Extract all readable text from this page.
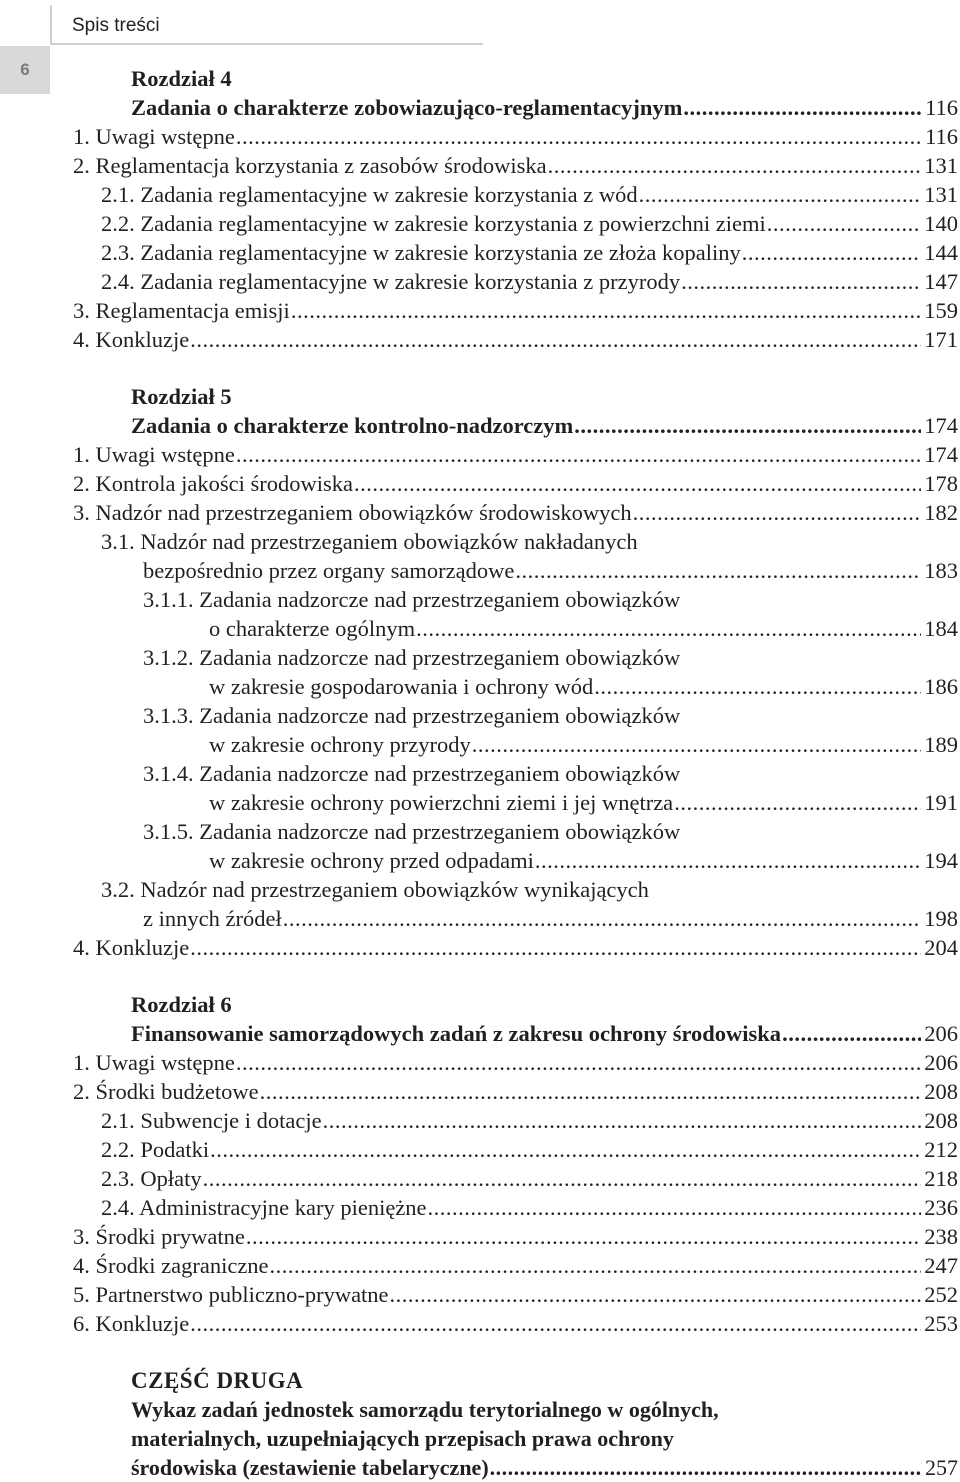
Spis treści
6	Rozdział 4
Zadania o charakterze zobowiazująco-reglamentacyjnym .....	116
1. Uwagi wstępne .....	116
2. Reglamentacja korzystania z zasobów środowiska .....	131
2.1. Zadania reglamentacyjne w zakresie korzystania z wód .....	131
2.2. Zadania reglamentacyjne w zakresie korzystania z powierzchni ziemi .....	140
2.3. Zadania reglamentacyjne w zakresie korzystania ze złoża kopaliny .....	144
2.4. Zadania reglamentacyjne w zakresie korzystania z przyrody .....	147
3. Reglamentacja emisji .....	159
4. Konkluzje .....	171
Rozdział 5
Zadania o charakterze kontrolno-nadzorczym .....	174
1. Uwagi wstępne .....	174
2. Kontrola jakości środowiska .....	178
3. Nadzór nad przestrzeganiem obowiązków środowiskowych .....	182
3.1. Nadzór nad przestrzeganiem obowiązków nakładanych
bezpośrednio przez organy samorządowe .....	183
3.1.1. Zadania nadzorcze nad przestrzeganiem obowiązków
o charakterze ogólnym .....	184
3.1.2. Zadania nadzorcze nad przestrzeganiem obowiązków
w zakresie gospodarowania i ochrony wód .....	186
3.1.3. Zadania nadzorcze nad przestrzeganiem obowiązków
w zakresie ochrony przyrody .....	189
3.1.4. Zadania nadzorcze nad przestrzeganiem obowiązków
w zakresie ochrony powierzchni ziemi i jej wnętrza .....	191
3.1.5. Zadania nadzorcze nad przestrzeganiem obowiązków
w zakresie ochrony przed odpadami .....	194
3.2. Nadzór nad przestrzeganiem obowiązków wynikających
z innych źródeł .....	198
4. Konkluzje .....	204
Rozdział 6
Finansowanie samorządowych zadań z zakresu ochrony środowiska .....	206
1. Uwagi wstępne .....	206
2. Środki budżetowe .....	208
2.1. Subwencje i dotacje .....	208
2.2. Podatki .....	212
2.3. Opłaty .....	218
2.4. Administracyjne kary pieniężne .....	236
3. Środki prywatne .....	238
4. Środki zagraniczne .....	247
5. Partnerstwo publiczno-prywatne .....	252
6. Konkluzje .....	253
CZĘŚĆ DRUGA
Wykaz zadań jednostek samorządu terytorialnego w ogólnych,
materialnych, uzupełniających przepisach prawa ochrony
środowiska (zestawienie tabelaryczne) .....	257
